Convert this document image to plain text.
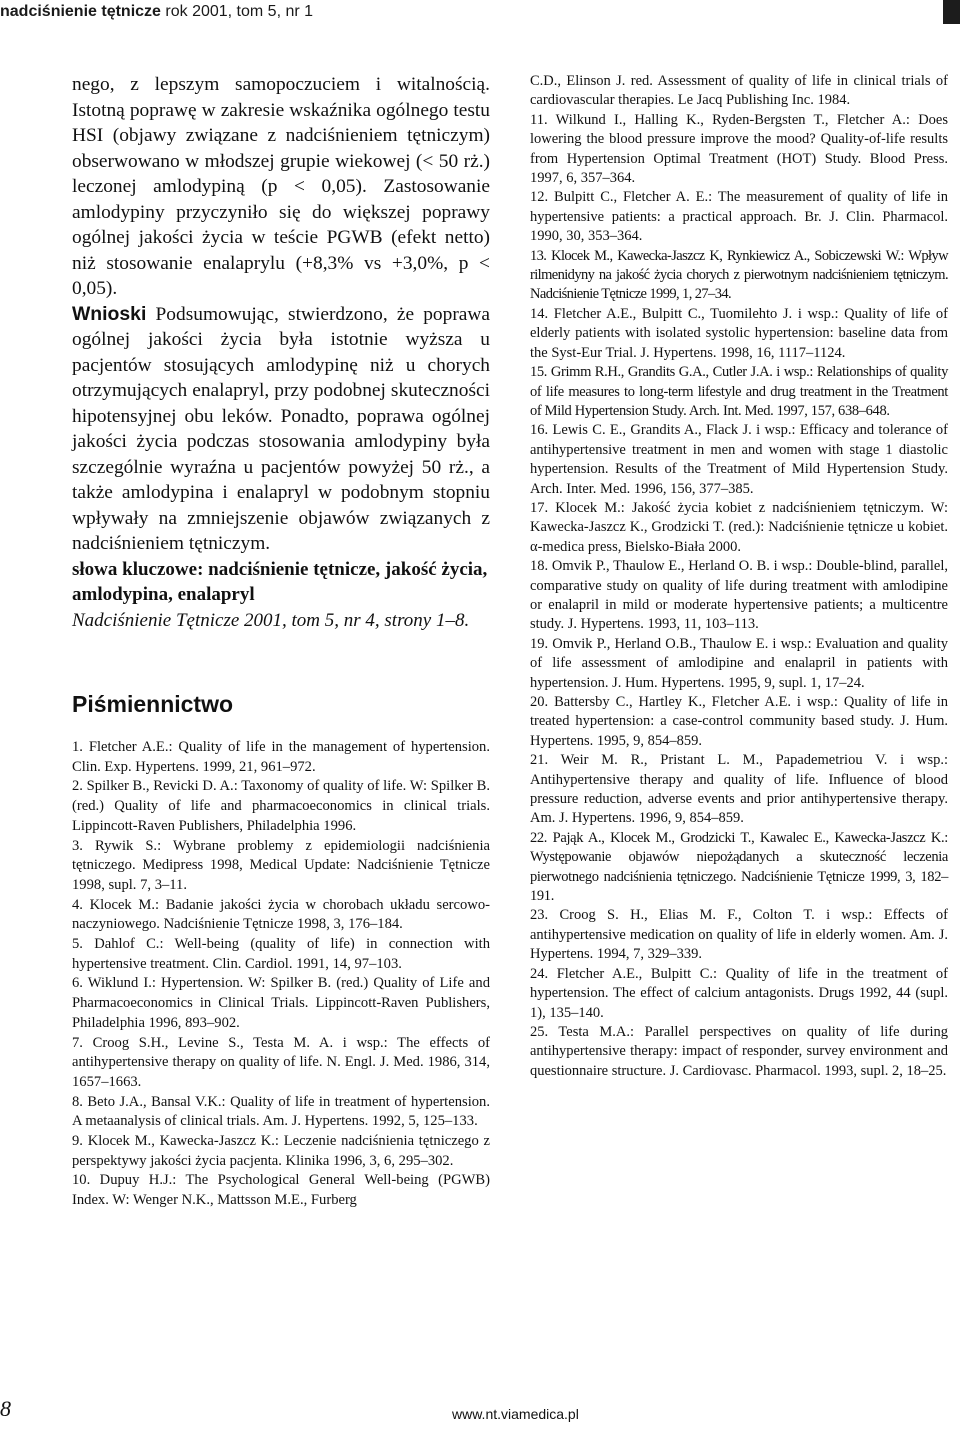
nadciśnienie tętnicze
rok 2001, tom 5, nr 1

nego, z lepszym samopoczuciem i witalnością. Istotną poprawę w zakresie wskaźnika ogólnego testu HSI (objawy związane z nadciśnieniem tętniczym) obserwowano w młodszej grupie wiekowej (< 50 rż.) leczonej amlodypiną (p < 0,05). Zastosowanie amlodypiny przyczyniło się do większej poprawy ogólnej jakości życia w teście PGWB (efekt netto) niż stosowanie enalaprylu (+8,3% vs +3,0%, p < 0,05).

Wnioski Podsumowując, stwierdzono, że poprawa ogólnej jakości życia była istotnie wyższa u pacjentów stosujących amlodypinę niż u chorych otrzymujących enalapryl, przy podobnej skuteczności hipotensyjnej obu leków. Ponadto, poprawa ogólnej jakości życia podczas stosowania amlodypiny była szczególnie wyraźna u pacjentów powyżej 50 rż., a także amlodypina i enalapryl w podobnym stopniu wpływały na zmniejszenie objawów związanych z nadciśnieniem tętniczym.

słowa kluczowe: nadciśnienie tętnicze, jakość życia, amlodypina, enalapryl

Nadciśnienie Tętnicze 2001, tom 5, nr 4, strony 1–8.

Piśmiennictwo

1. Fletcher A.E.: Quality of life in the management of hypertension. Clin. Exp. Hypertens. 1999, 21, 961–972.

2. Spilker B., Revicki D. A.: Taxonomy of quality of life. W: Spilker B. (red.) Quality of life and pharmacoeconomics in clinical trials. Lippincott-Raven Publishers, Philadelphia 1996.

3. Rywik S.: Wybrane problemy z epidemiologii nadciśnienia tętniczego. Medipress 1998, Medical Update: Nadciśnienie Tętnicze 1998, supl. 7, 3–11.

4. Klocek M.: Badanie jakości życia w chorobach układu sercowo-naczyniowego. Nadciśnienie Tętnicze 1998, 3, 176–184.

5. Dahlof C.: Well-being (quality of life) in connection with hypertensive treatment. Clin. Cardiol. 1991, 14, 97–103.

6. Wiklund I.: Hypertension. W: Spilker B. (red.) Quality of Life and Pharmacoeconomics in Clinical Trials. Lippincott-Raven Publishers, Philadelphia 1996, 893–902.

7. Croog S.H., Levine S., Testa M. A. i wsp.: The effects of antihypertensive therapy on quality of life. N. Engl. J. Med. 1986, 314, 1657–1663.

8. Beto J.A., Bansal V.K.: Quality of life in treatment of hypertension. A metaanalysis of clinical trials. Am. J. Hypertens. 1992, 5, 125–133.

9. Klocek M., Kawecka-Jaszcz K.: Leczenie nadciśnienia tętniczego z perspektywy jakości życia pacjenta. Klinika 1996, 3, 6, 295–302.

10. Dupuy H.J.: The Psychological General Well-being (PGWB) Index. W: Wenger N.K., Mattsson M.E., Furberg

C.D., Elinson J. red. Assessment of quality of life in clinical trials of cardiovascular therapies. Le Jacq Publishing Inc. 1984.

11. Wilkund I., Halling K., Ryden-Bergsten T., Fletcher A.: Does lowering the blood pressure improve the mood? Quality-of-life results from Hypertension Optimal Treatment (HOT) Study. Blood Press. 1997, 6, 357–364.

12. Bulpitt C., Fletcher A. E.: The measurement of quality of life in hypertensive patients: a practical approach. Br. J. Clin. Pharmacol. 1990, 30, 353–364.

13. Klocek M., Kawecka-Jaszcz K, Rynkiewicz A., Sobiczewski W.: Wpływ rilmenidyny na jakość życia chorych z pierwotnym nadciśnieniem tętniczym. Nadciśnienie Tętnicze 1999, 1, 27–34.

14. Fletcher A.E., Bulpitt C., Tuomilehto J. i wsp.: Quality of life of elderly patients with isolated systolic hypertension: baseline data from the Syst-Eur Trial. J. Hypertens. 1998, 16, 1117–1124.

15. Grimm R.H., Grandits G.A., Cutler J.A. i wsp.: Relationships of quality of life measures to long-term lifestyle and drug treatment in the Treatment of Mild Hypertension Study. Arch. Int. Med. 1997, 157, 638–648.

16. Lewis C. E., Grandits A., Flack J. i wsp.: Efficacy and tolerance of antihypertensive treatment in men and women with stage 1 diastolic hypertension. Results of the Treatment of Mild Hypertension Study. Arch. Inter. Med. 1996, 156, 377–385.

17. Klocek M.: Jakość życia kobiet z nadciśnieniem tętniczym. W: Kawecka-Jaszcz K., Grodzicki T. (red.): Nadciśnienie tętnicze u kobiet. α-medica press, Bielsko-Biała 2000.

18. Omvik P., Thaulow E., Herland O. B. i wsp.: Double-blind, parallel, comparative study on quality of life during treatment with amlodipine or enalapril in mild or moderate hypertensive patients; a multicentre study. J. Hypertens. 1993, 11, 103–113.

19. Omvik P., Herland O.B., Thaulow E. i wsp.: Evaluation and quality of life assessment of amlodipine and enalapril in patients with hypertension. J. Hum. Hypertens. 1995, 9, supl. 1, 17–24.

20. Battersby C., Hartley K., Fletcher A.E. i wsp.: Quality of life in treated hypertension: a case-control community based study. J. Hum. Hypertens. 1995, 9, 854–859.

21. Weir M. R., Pristant L. M., Papademetriou V. i wsp.: Antihypertensive therapy and quality of life. Influence of blood pressure reduction, adverse events and prior antihypertensive therapy. Am. J. Hypertens. 1996, 9, 854–859.

22. Pająk A., Klocek M., Grodzicki T., Kawalec E., Kawecka-Jaszcz K.: Występowanie objawów niepożądanych a skuteczność leczenia pierwotnego nadciśnienia tętniczego. Nadciśnienie Tętnicze 1999, 3, 182–191.

23. Croog S. H., Elias M. F., Colton T. i wsp.: Effects of antihypertensive medication on quality of life in elderly women. Am. J. Hypertens. 1994, 7, 329–339.

24. Fletcher A.E., Bulpitt C.: Quality of life in the treatment of hypertension. The effect of calcium antagonists. Drugs 1992, 44 (supl. 1), 135–140.

25. Testa M.A.: Parallel perspectives on quality of life during antihypertensive therapy: impact of responder, survey environment and questionnaire structure. J. Cardiovasc. Pharmacol. 1993, supl. 2, 18–25.

8	www.nt.viamedica.pl
